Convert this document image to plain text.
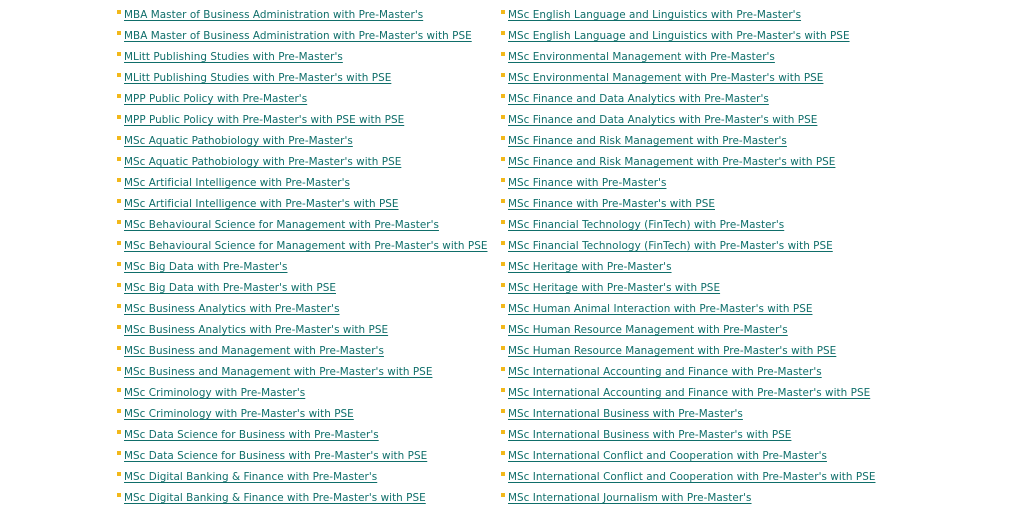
MBA Master of Business Administration with Pre-Master's
MBA Master of Business Administration with Pre-Master's with PSE
MLitt Publishing Studies with Pre-Master's
MLitt Publishing Studies with Pre-Master's with PSE
MPP Public Policy with Pre-Master's
MPP Public Policy with Pre-Master's with PSE with PSE
MSc Aquatic Pathobiology with Pre-Master's
MSc Aquatic Pathobiology with Pre-Master's with PSE
MSc Artificial Intelligence with Pre-Master's
MSc Artificial Intelligence with Pre-Master's with PSE
MSc Behavioural Science for Management with Pre-Master's
MSc Behavioural Science for Management with Pre-Master's with PSE
MSc Big Data with Pre-Master's
MSc Big Data with Pre-Master's with PSE
MSc Business Analytics with Pre-Master's
MSc Business Analytics with Pre-Master's with PSE
MSc Business and Management with Pre-Master's
MSc Business and Management with Pre-Master's with PSE
MSc Criminology with Pre-Master's
MSc Criminology with Pre-Master's with PSE
MSc Data Science for Business with Pre-Master's
MSc Data Science for Business with Pre-Master's with PSE
MSc Digital Banking & Finance with Pre-Master's
MSc Digital Banking & Finance with Pre-Master's with PSE
MSc English Language and Linguistics with Pre-Master's
MSc English Language and Linguistics with Pre-Master's with PSE
MSc Environmental Management with Pre-Master's
MSc Environmental Management with Pre-Master's with PSE
MSc Finance and Data Analytics with Pre-Master's
MSc Finance and Data Analytics with Pre-Master's with PSE
MSc Finance and Risk Management with Pre-Master's
MSc Finance and Risk Management with Pre-Master's with PSE
MSc Finance with Pre-Master's
MSc Finance with Pre-Master's with PSE
MSc Financial Technology (FinTech) with Pre-Master's
MSc Financial Technology (FinTech) with Pre-Master's with PSE
MSc Heritage with Pre-Master's
MSc Heritage with Pre-Master's with PSE
MSc Human Animal Interaction with Pre-Master's with PSE
MSc Human Resource Management with Pre-Master's
MSc Human Resource Management with Pre-Master's with PSE
MSc International Accounting and Finance with Pre-Master's
MSc International Accounting and Finance with Pre-Master's with PSE
MSc International Business with Pre-Master's
MSc International Business with Pre-Master's with PSE
MSc International Conflict and Cooperation with Pre-Master's
MSc International Conflict and Cooperation with Pre-Master's with PSE
MSc International Journalism with Pre-Master's
